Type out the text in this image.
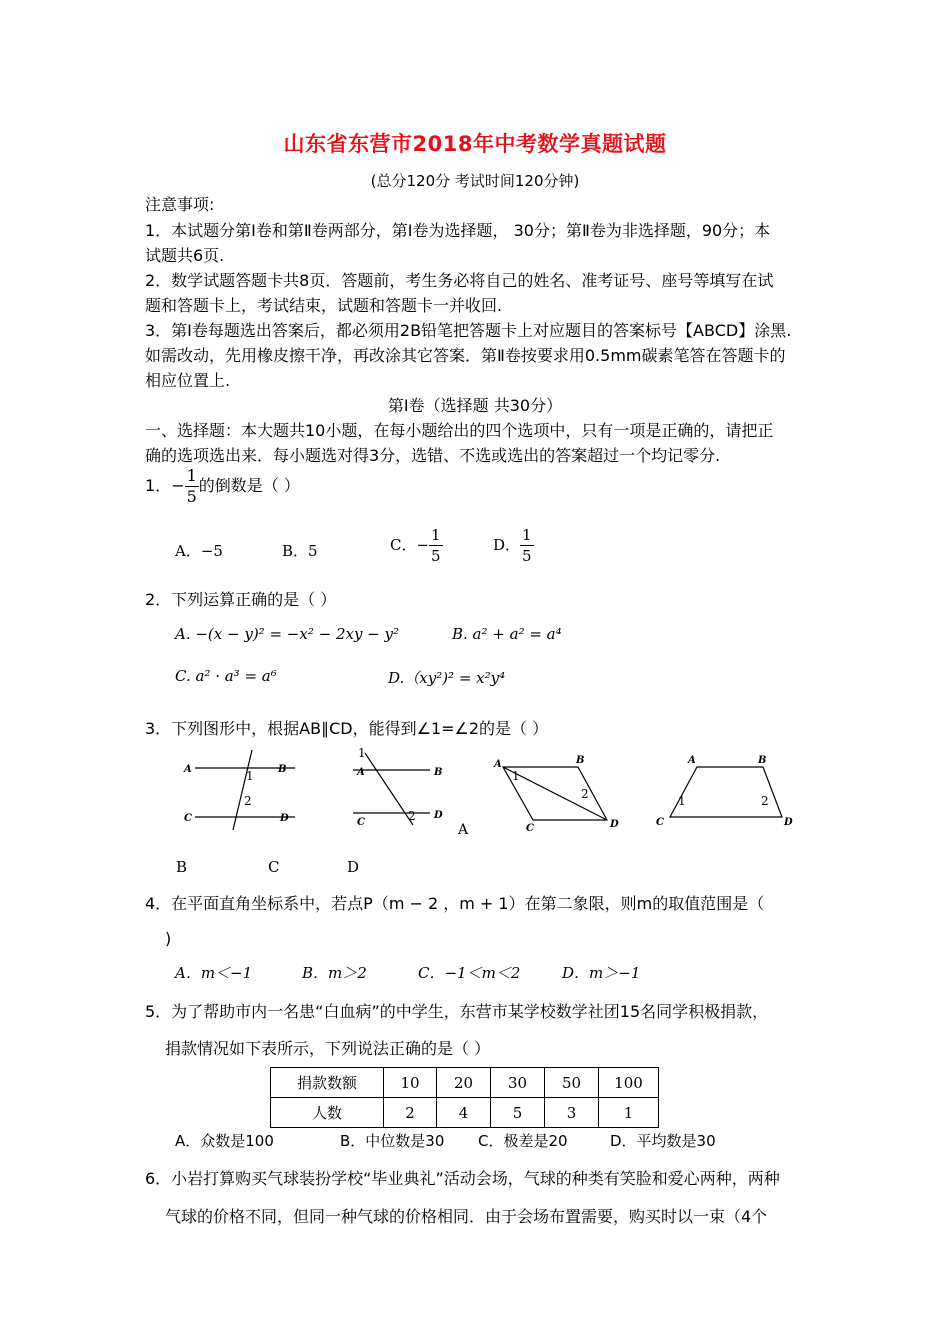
山东省东营市2018年中考数学真题试题
(总分120分 考试时间120分钟)
注意事项:
1．本试题分第Ⅰ卷和第Ⅱ卷两部分，第Ⅰ卷为选择题， 30分；第Ⅱ卷为非选择题，90分；本
试题共6页.
2．数学试题答题卡共8页．答题前，考生务必将自己的姓名、准考证号、座号等填写在试
题和答题卡上，考试结束，试题和答题卡一并收回.
3．第Ⅰ卷每题选出答案后，都必须用2B铅笔把答题卡上对应题目的答案标号【ABCD】涂黑.
如需改动，先用橡皮擦干净，再改涂其它答案．第Ⅱ卷按要求用0.5mm碳素笔答在答题卡的
相应位置上.
第Ⅰ卷（选择题 共30分）
一、选择题：本大题共10小题，在每小题给出的四个选项中，只有一项是正确的，请把正
确的选项选出来．每小题选对得3分，选错、不选或选出的答案超过一个均记零分.
1．− $\frac{1}{5}$ 的倒数是（ ）
A．−5	B．5	C．− $\frac{1}{5}$	D． $\frac{1}{5}$
2．下列运算正确的是（ ）
A. −(x − y)² = −x² − 2xy − y²	B. a² + a² = a⁴
C. a² · a³ = a⁶	D.（xy²)² = x²y⁴
3．下列图形中，根据AB∥CD，能得到∠1=∠2的是（ ）
A	B
C	D
1
2
1
A	B
C
D
2
A	B
C	D
1
2
A
A	B
C	D
1	2
B	C	D
4．在平面直角坐标系中，若点P（m − 2 ，m + 1）在第二象限，则m的取值范围是（
)
A．m＜−1	B．m＞2	C．−1＜m＜2	D．m＞−1
5．为了帮助市内一名患“白血病”的中学生，东营市某学校数学社团15名同学积极捐款，
捐款情况如下表所示，下列说法正确的是（ ）
捐款数额	10	20	30	50	100
人数	2	4	5	3	1
A．众数是100	B．中位数是30 C．极差是20	D．平均数是30
6．小岩打算购买气球装扮学校“毕业典礼”活动会场，气球的种类有笑脸和爱心两种，两种
气球的价格不同，但同一种气球的价格相同．由于会场布置需要，购买时以一束（4个
